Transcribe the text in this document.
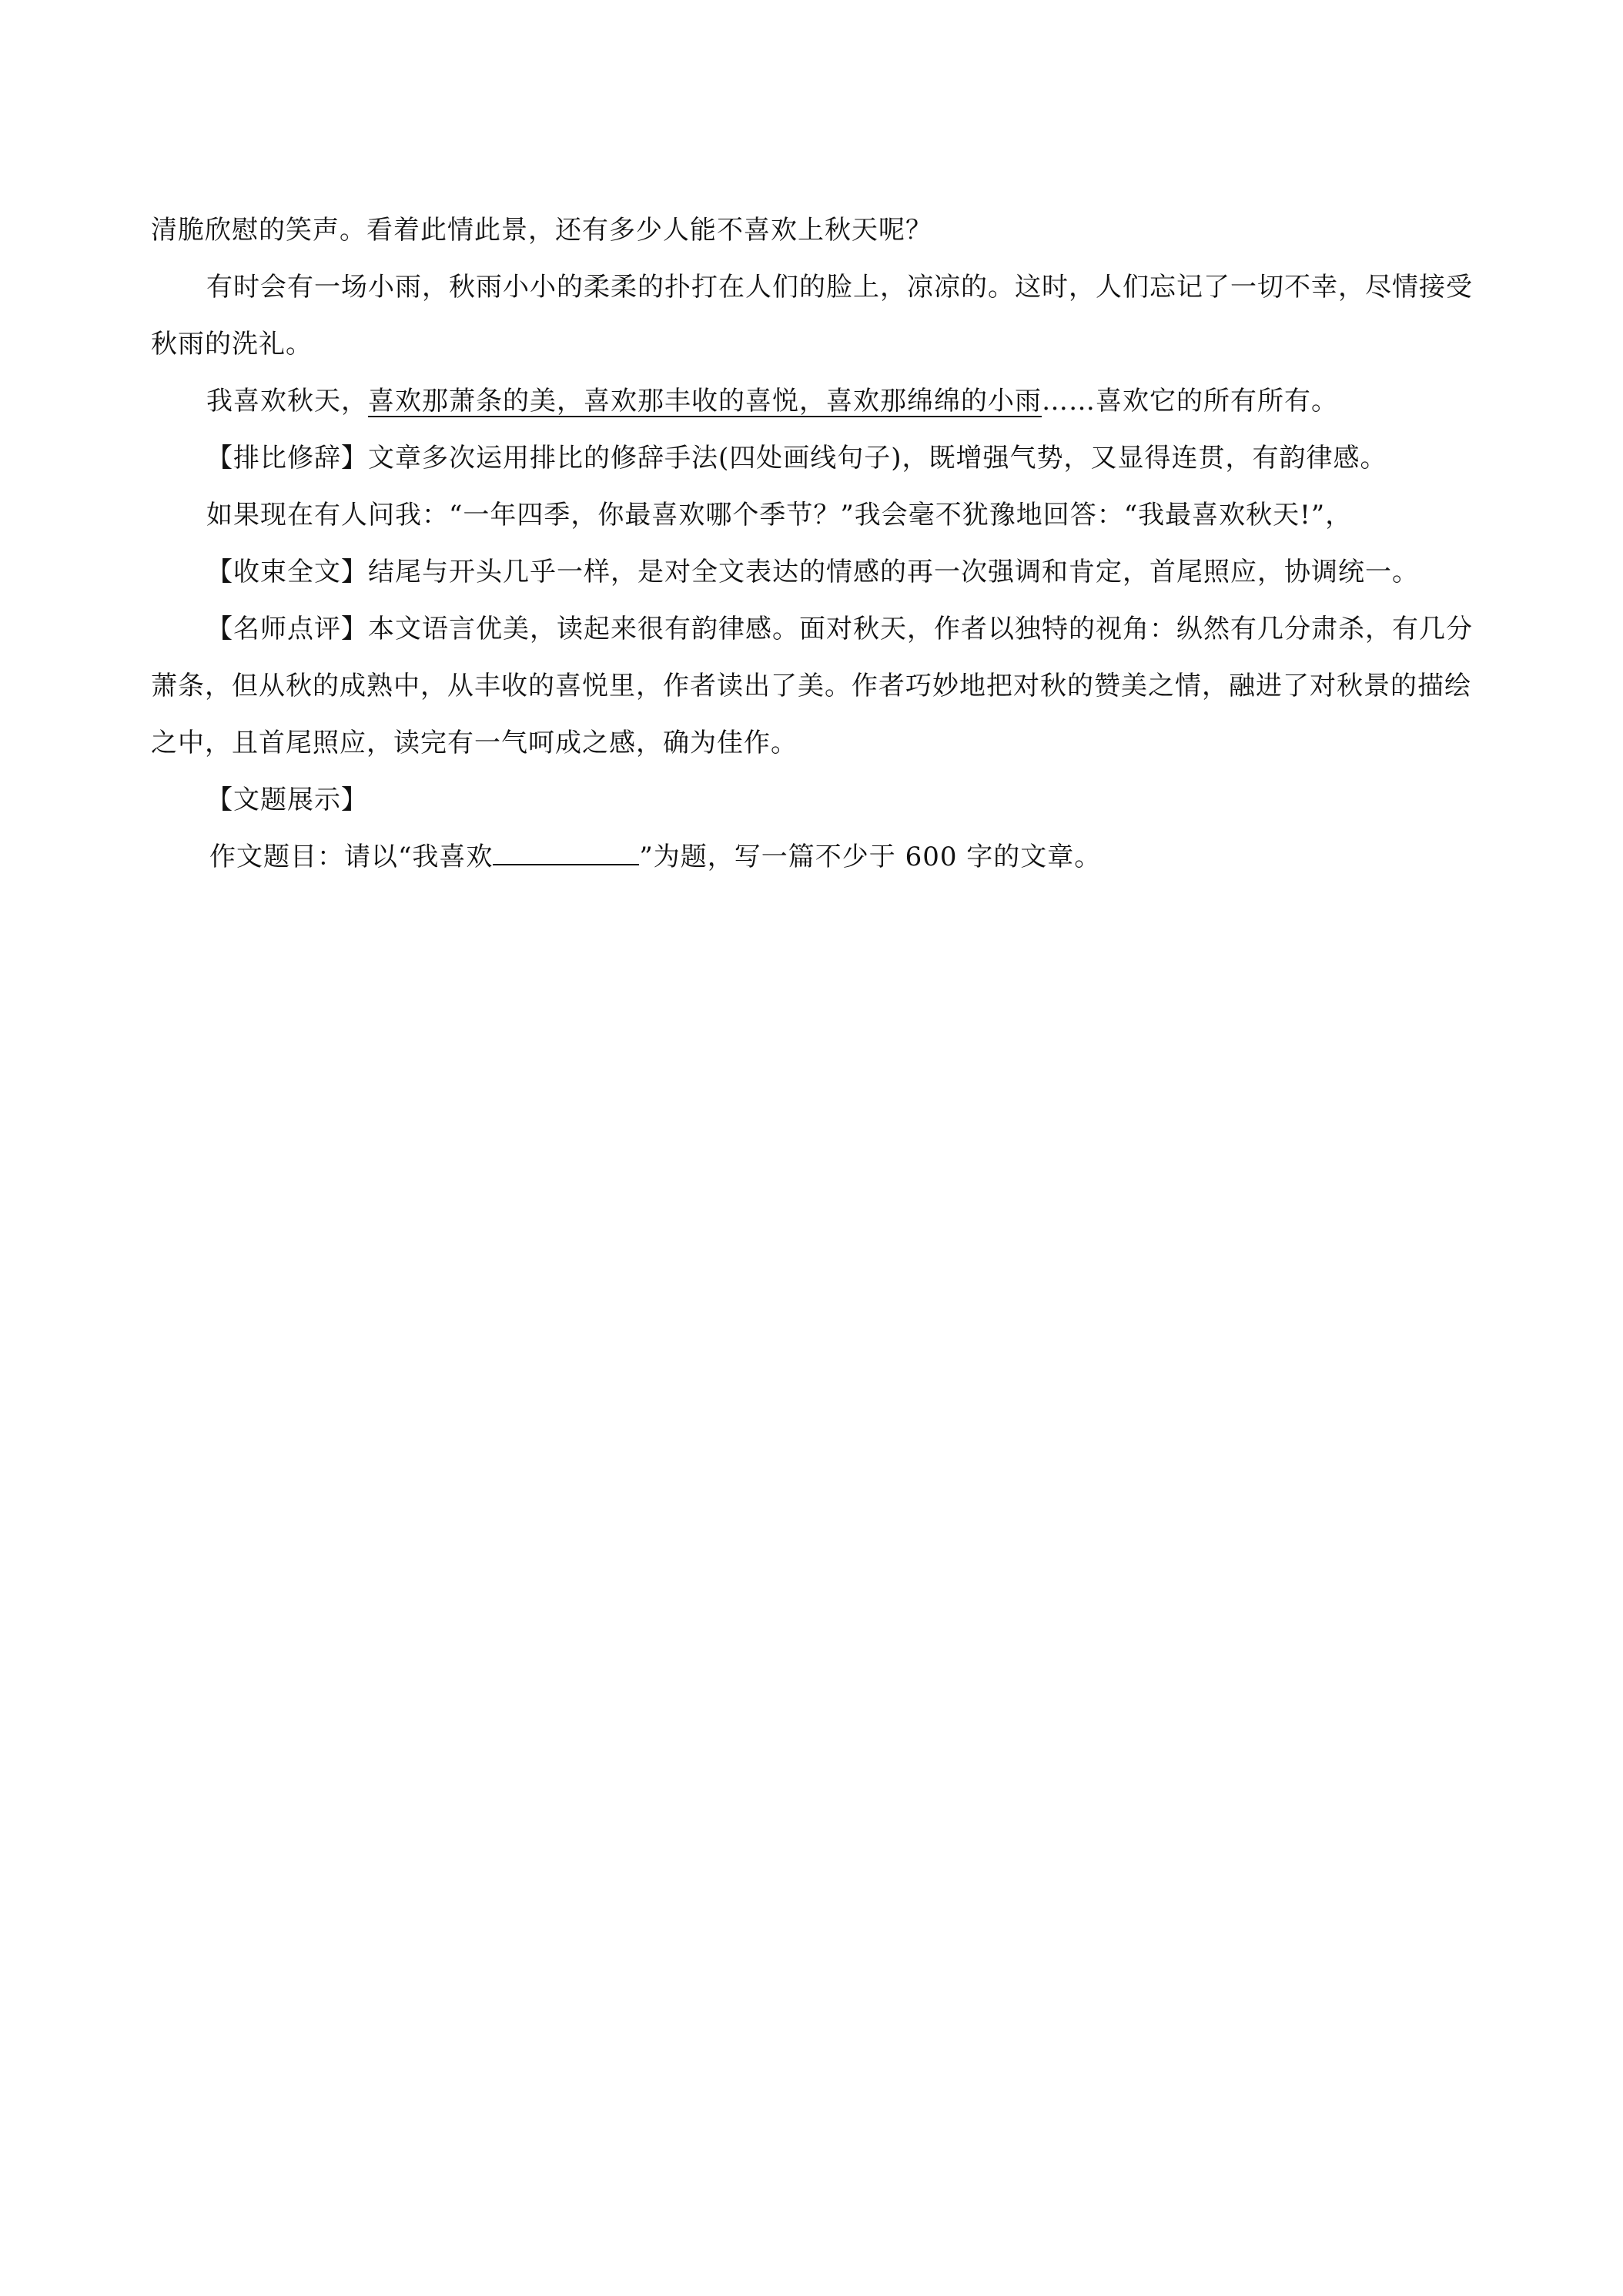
清脆欣慰的笑声。看着此情此景，还有多少人能不喜欢上秋天呢？

有时会有一场小雨，秋雨小小的柔柔的扑打在人们的脸上，凉凉的。这时，人们忘记了一切不幸，尽情接受秋雨的洗礼。

我喜欢秋天，喜欢那萧条的美，喜欢那丰收的喜悦，喜欢那绵绵的小雨……喜欢它的所有所有。

【排比修辞】文章多次运用排比的修辞手法(四处画线句子)，既增强气势，又显得连贯，有韵律感。

如果现在有人问我：“一年四季，你最喜欢哪个季节？”我会毫不犹豫地回答：“我最喜欢秋天!”，

【收束全文】结尾与开头几乎一样，是对全文表达的情感的再一次强调和肯定，首尾照应，协调统一。

【名师点评】本文语言优美，读起来很有韵律感。面对秋天，作者以独特的视角：纵然有几分肃杀，有几分萧条，但从秋的成熟中，从丰收的喜悦里，作者读出了美。作者巧妙地把对秋的赞美之情，融进了对秋景的描绘之中，且首尾照应，读完有一气呵成之感，确为佳作。

【文题展示】

作文题目：请以“我喜欢	”为题，写一篇不少于 600 字的文章。
